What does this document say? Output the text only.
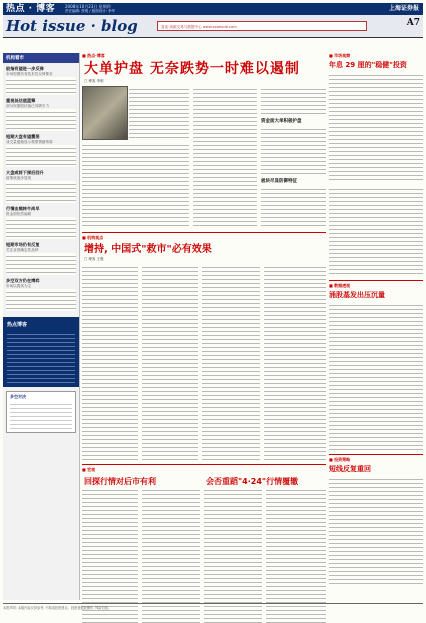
热点 · 博客 2008年10月23日 星期四
责任编辑: 张明 / 版面设计: 李华	上海证券报
Hot issue · blog	富连·高频交易与数据中心 www.example.com	A7
机构看市
股指有望进一步反弹
市场短期仍有技术性反弹要求
重视低估值蓝筹
部分权重股估值已具吸引力
短期大盘有望震荡
成交量萎缩显示观望情绪浓厚
大盘或将下探后回升
政策底逐步显现
行情由熊转牛尚早
资金面依然偏紧
短期市场仍有反复
关注业绩确定性品种
多空双方仍在博弈
市场以震荡为主
热点博客
多空对决
■ 热点·博客
大单护盘 无奈跌势一时难以遏制
□ 博客 李明
资金面大单积极护盘
板块尽显防御特征
■ 机构观点
增持, 中国式"救市"必有效果
□ 博客 王强
■ 宏观
回探行情对后市有利	会否重蹈"4·24"行情覆辙
■ 市场观察
年息 29 厘的"稳健"投资
■ 数据透视
涌股基发出压沉量
■ 投资策略
短线反复重回
本报声明: 本版内容仅供参考, 不构成投资建议。投资者据此操作, 风险自担。
